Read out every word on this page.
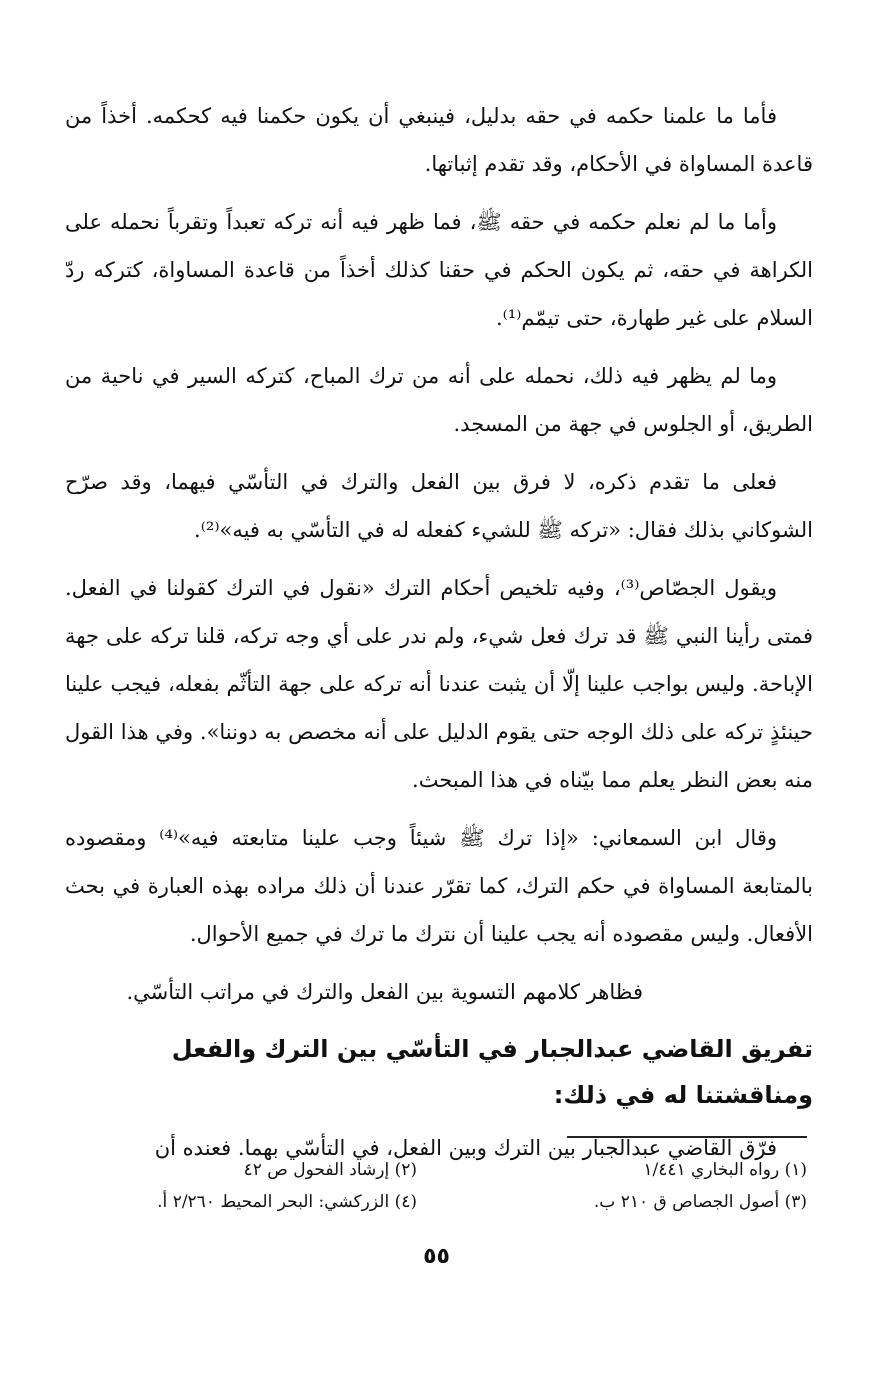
فأما ما علمنا حكمه في حقه بدليل، فينبغي أن يكون حكمنا فيه كحكمه. أخذاً من قاعدة المساواة في الأحكام، وقد تقدم إثباتها.

وأما ما لم نعلم حكمه في حقه ﷺ، فما ظهر فيه أنه تركه تعبداً وتقرباً نحمله على الكراهة في حقه، ثم يكون الحكم في حقنا كذلك أخذاً من قاعدة المساواة، كتركه ردّ السلام على غير طهارة، حتى تيمّم⁽¹⁾.

وما لم يظهر فيه ذلك، نحمله على أنه من ترك المباح، كتركه السير في ناحية من الطريق، أو الجلوس في جهة من المسجد.

فعلى ما تقدم ذكره، لا فرق بين الفعل والترك في التأسّي فيهما، وقد صرّح الشوكاني بذلك فقال: «تركه ﷺ للشيء كفعله له في التأسّي به فيه»⁽²⁾.

ويقول الجصّاص⁽³⁾، وفيه تلخيص أحكام الترك «نقول في الترك كقولنا في الفعل. فمتى رأينا النبي ﷺ قد ترك فعل شيء، ولم ندر على أي وجه تركه، قلنا تركه على جهة الإباحة. وليس بواجب علينا إلّا أن يثبت عندنا أنه تركه على جهة التأثّم بفعله، فيجب علينا حينئذٍ تركه على ذلك الوجه حتى يقوم الدليل على أنه مخصص به دوننا». وفي هذا القول منه بعض النظر يعلم مما بيّناه في هذا المبحث.

وقال ابن السمعاني: «إذا ترك ﷺ شيئاً وجب علينا متابعته فيه»⁽⁴⁾ ومقصوده بالمتابعة المساواة في حكم الترك، كما تقرّر عندنا أن ذلك مراده بهذه العبارة في بحث الأفعال. وليس مقصوده أنه يجب علينا أن نترك ما ترك في جميع الأحوال.

فظاهر كلامهم التسوية بين الفعل والترك في مراتب التأسّي.

تفريق القاضي عبدالجبار في التأسّي بين الترك والفعل
ومناقشتنا له في ذلك:

فرّق القاضي عبدالجبار بين الترك وبين الفعل، في التأسّي بهما. فعنده أن

(١) رواه البخاري ١/٤٤١
(٢) إرشاد الفحول ص ٤٢
(٣) أصول الجصاص ق ٢١٠ ب.
(٤) الزركشي: البحر المحيط ٢/٢٦٠ أ.
٥٥
